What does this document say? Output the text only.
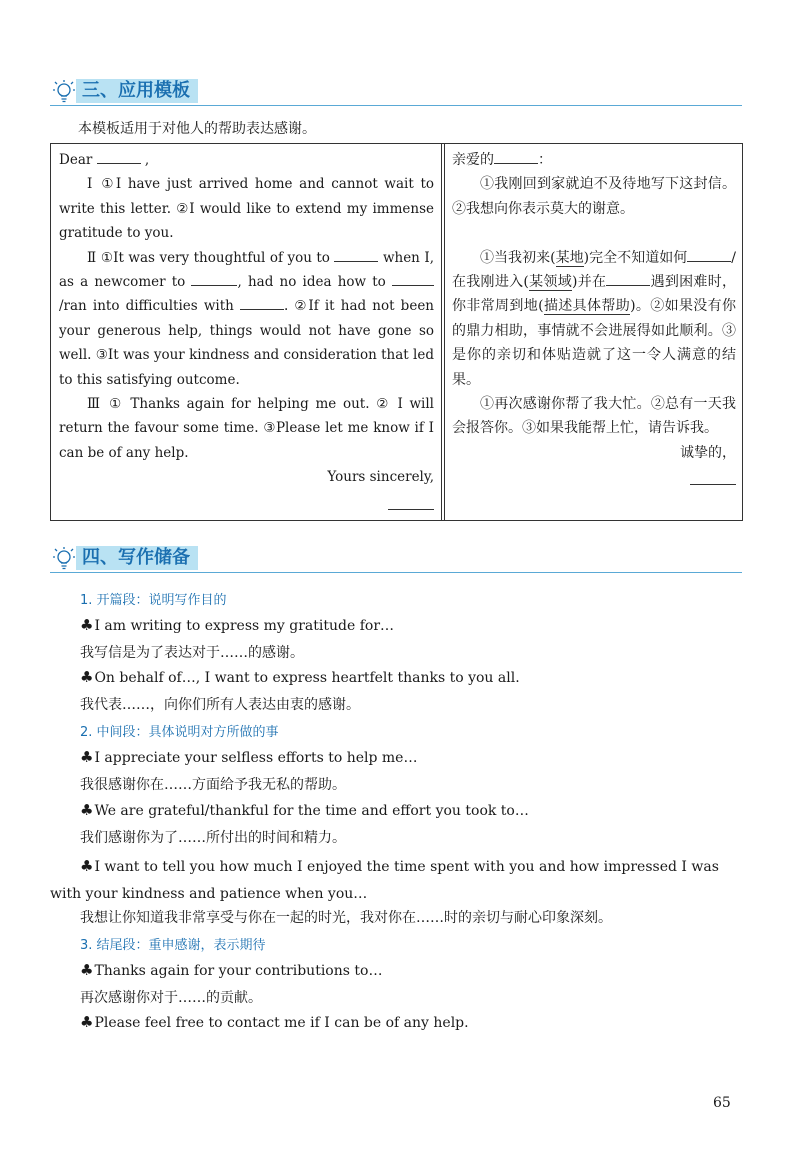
三、应用模板
本模板适用于对他人的帮助表达感谢。

Dear	,

Ⅰ ①I have just arrived home and cannot wait to write this letter. ②I would like to extend my immense gratitude to you.

Ⅱ ①It was very thoughtful of you to	when I, as a newcomer to	, had no idea how to /ran into difficulties with	. ②If it had not been your generous help, things would not have gone so well. ③It was your kindness and consideration that led to this satisfying outcome.

Ⅲ ① Thanks again for helping me out. ② I will return the favour some time. ③Please let me know if I can be of any help.

Yours sincerely,

亲爱的	：

①我刚回到家就迫不及待地写下这封信。②我想向你表示莫大的谢意。

①当我初来(某地)完全不知道如何	/在我刚进入(某领域)并在	遇到困难时，你非常周到地(描述具体帮助)。②如果没有你的鼎力相助，事情就不会进展得如此顺利。③是你的亲切和体贴造就了这一令人满意的结果。

①再次感谢你帮了我大忙。②总有一天我会报答你。③如果我能帮上忙，请告诉我。

诚挚的，

四、写作储备
1. 开篇段：说明写作目的
♣I am writing to express my gratitude for…
我写信是为了表达对于……的感谢。
♣On behalf of…, I want to express heartfelt thanks to you all.
我代表……，向你们所有人表达由衷的感谢。
2. 中间段：具体说明对方所做的事
♣I appreciate your selfless efforts to help me…
我很感谢你在……方面给予我无私的帮助。
♣We are grateful/thankful for the time and effort you took to…
我们感谢你为了……所付出的时间和精力。
♣I want to tell you how much I enjoyed the time spent with you and how impressed I was with your kindness and patience when you…
我想让你知道我非常享受与你在一起的时光，我对你在……时的亲切与耐心印象深刻。
3. 结尾段：重申感谢，表示期待
♣Thanks again for your contributions to…
再次感谢你对于……的贡献。
♣Please feel free to contact me if I can be of any help.
65
